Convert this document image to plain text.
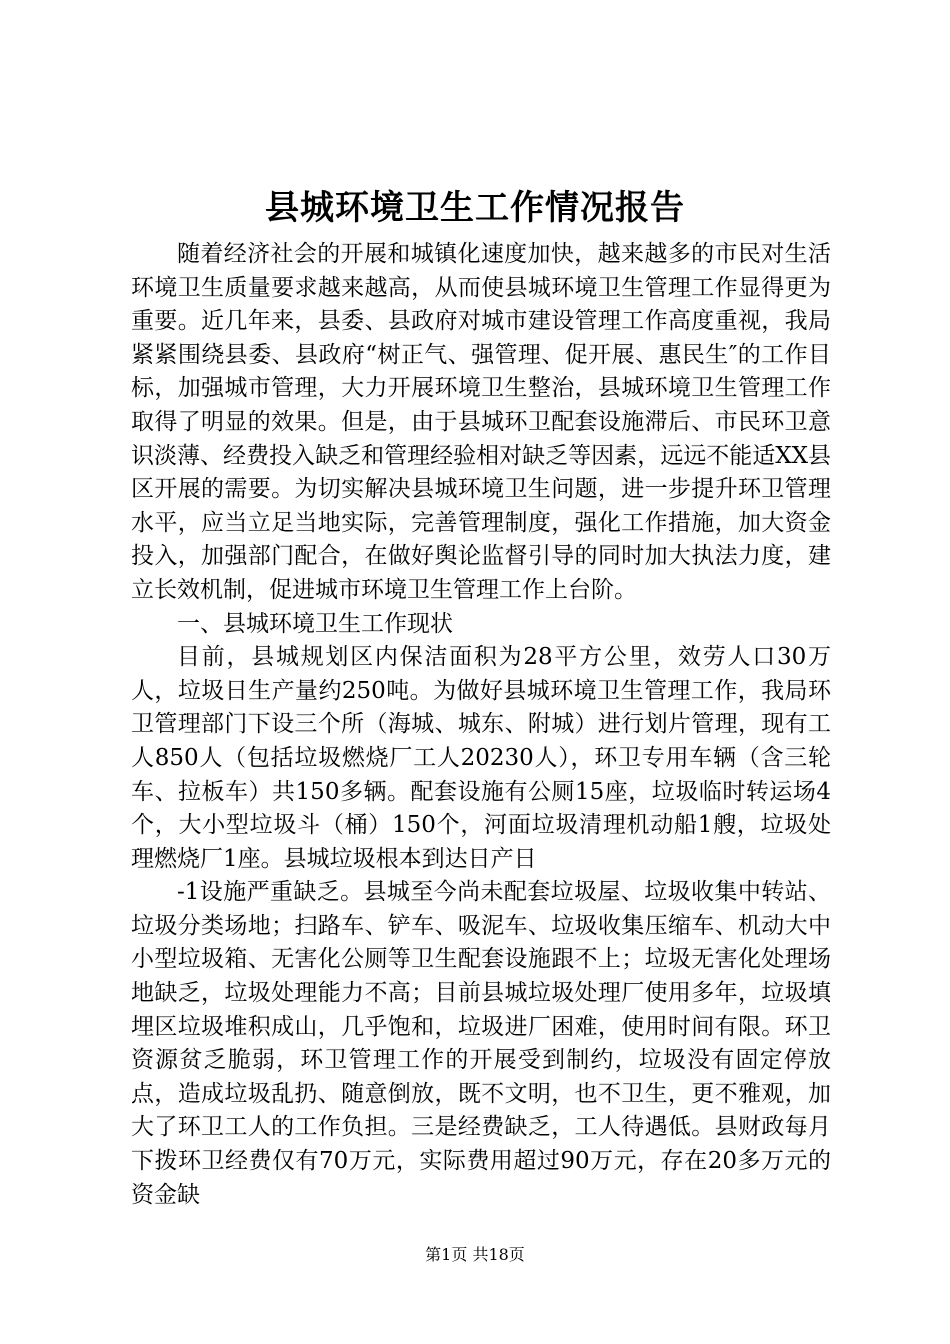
县城环境卫生工作情况报告

随着经济社会的开展和城镇化速度加快，越来越多的市民对生活环境卫生质量要求越来越高，从而使县城环境卫生管理工作显得更为重要。近几年来，县委、县政府对城市建设管理工作高度重视，我局紧紧围绕县委、县政府“树正气、强管理、促开展、惠民生″的工作目标，加强城市管理，大力开展环境卫生整治，县城环境卫生管理工作取得了明显的效果。但是，由于县城环卫配套设施滞后、市民环卫意识淡薄、经费投入缺乏和管理经验相对缺乏等因素，远远不能适XX县区开展的需要。为切实解决县城环境卫生问题，进一步提升环卫管理水平，应当立足当地实际，完善管理制度，强化工作措施，加大资金投入，加强部门配合，在做好舆论监督引导的同时加大执法力度，建立长效机制，促进城市环境卫生管理工作上台阶。

一、县城环境卫生工作现状

目前，县城规划区内保洁面积为28平方公里，效劳人口30万人，垃圾日生产量约250吨。为做好县城环境卫生管理工作，我局环卫管理部门下设三个所（海城、城东、附城）进行划片管理，现有工人850人（包括垃圾燃烧厂工人20230人），环卫专用车辆（含三轮车、拉板车）共150多辆。配套设施有公厕15座，垃圾临时转运场4个，大小型垃圾斗（桶）150个，河面垃圾清理机动船1艘，垃圾处理燃烧厂1座。县城垃圾根本到达日产日

-1设施严重缺乏。县城至今尚未配套垃圾屋、垃圾收集中转站、垃圾分类场地；扫路车、铲车、吸泥车、垃圾收集压缩车、机动大中小型垃圾箱、无害化公厕等卫生配套设施跟不上；垃圾无害化处理场地缺乏，垃圾处理能力不高；目前县城垃圾处理厂使用多年，垃圾填埋区垃圾堆积成山，几乎饱和，垃圾进厂困难，使用时间有限。环卫资源贫乏脆弱，环卫管理工作的开展受到制约，垃圾没有固定停放点，造成垃圾乱扔、随意倒放，既不文明，也不卫生，更不雅观，加大了环卫工人的工作负担。三是经费缺乏，工人待遇低。县财政每月下拨环卫经费仅有70万元，实际费用超过90万元，存在20多万元的资金缺

第1页 共18页
